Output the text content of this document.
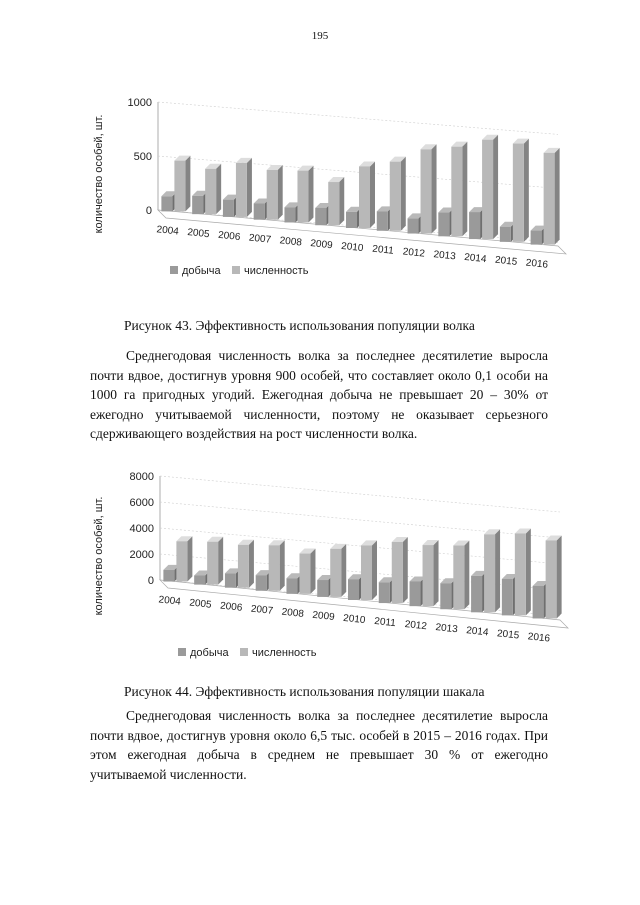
195
0
500
1000
количество особей, шт.	2004 2005 2006 2007 2008 2009 2010 2011 2012 2013 2014 2015 2016
добыча численность
Рисунок 43. Эффективность использования популяции волка

Среднегодовая численность волка за последнее десятилетие выросла почти вдвое, достигнув уровня 900 особей, что составляет около 0,1 особи на 1000 га пригодных угодий. Ежегодная добыча не превышает 20 – 30% от ежегодно учитываемой численности, поэтому не оказывает серьезного сдерживающего воздействия на рост численности волка.

0
2000
4000
6000
8000
количество особей, шт.	2004 2005 2006 2007 2008 2009 2010 2011 2012 2013 2014 2015 2016
добыча численность
Рисунок 44. Эффективность использования популяции шакала

Среднегодовая численность волка за последнее десятилетие выросла почти вдвое, достигнув уровня около 6,5 тыс. особей в 2015 – 2016 годах. При этом ежегодная добыча в среднем не превышает 30 % от ежегодно учитываемой численности.
